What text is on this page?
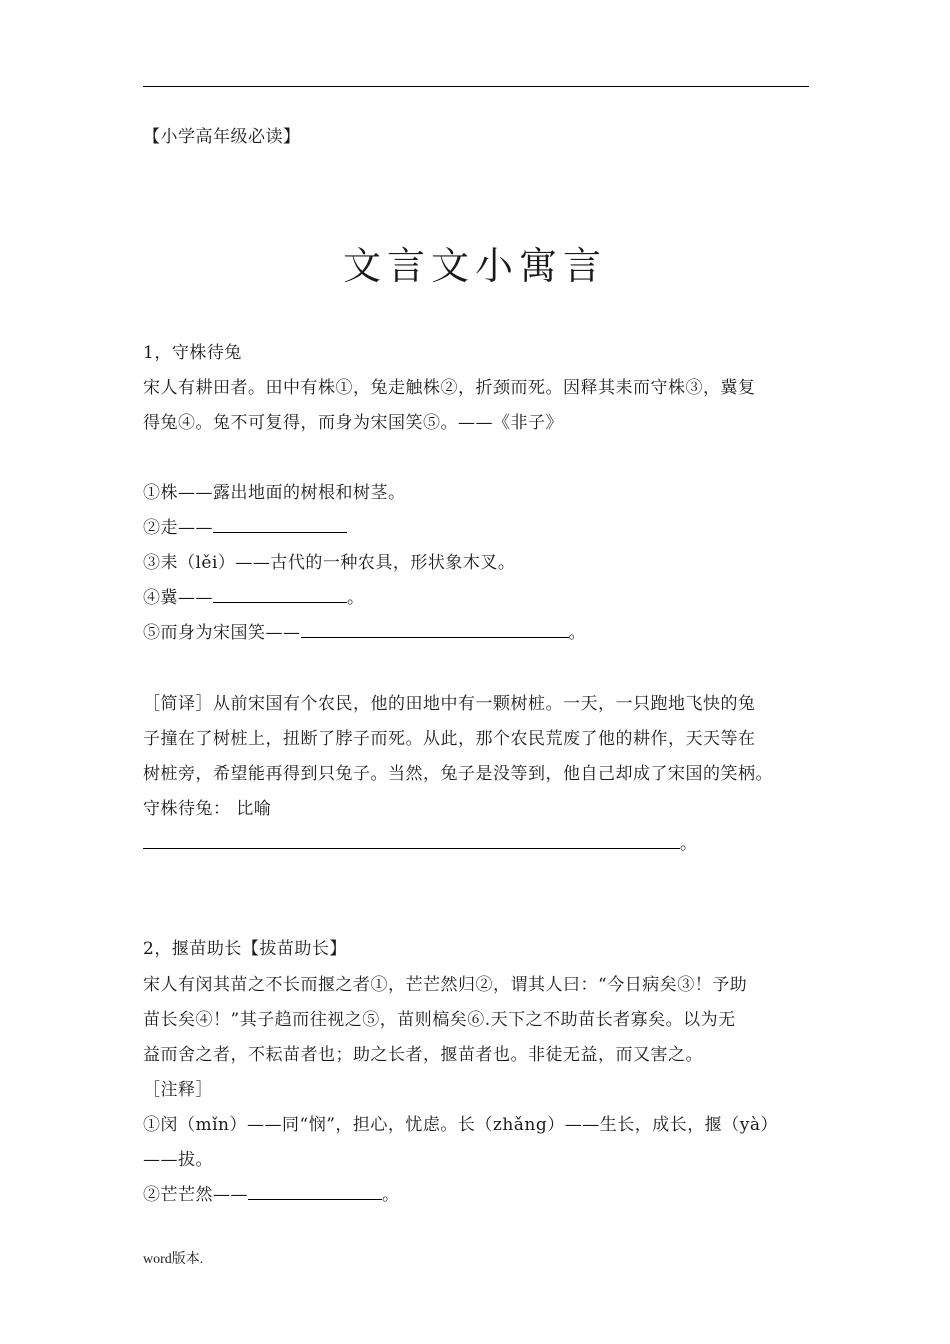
【小学高年级必读】
文言文小寓言
1，守株待兔
宋人有耕田者。田中有株①，兔走触株②，折颈而死。因释其耒而守株③，冀复
得兔④。兔不可复得，而身为宋国笑⑤。——《非子》
①株——露出地面的树根和树茎。
②走——
③耒（lěi）——古代的一种农具，形状象木叉。
④冀——	。
⑤而身为宋国笑——	。
［简译］从前宋国有个农民，他的田地中有一颗树桩。一天，一只跑地飞快的兔
子撞在了树桩上，扭断了脖子而死。从此，那个农民荒废了他的耕作，天天等在
树桩旁，希望能再得到只兔子。当然，兔子是没等到，他自己却成了宋国的笑柄。
守株待兔： 比喻
。
2，揠苗助长【拔苗助长】
宋人有闵其苗之不长而揠之者①，芒芒然归②，谓其人曰：“今日病矣③！予助
苗长矣④！”其子趋而往视之⑤，苗则槁矣⑥.天下之不助苗长者寡矣。以为无
益而舍之者，不耘苗者也；助之长者，揠苗者也。非徒无益，而又害之。
［注释］
①闵（mǐn）——同“悯”，担心，忧虑。长（zhǎng）——生长，成长，揠（yà）
——拔。
②芒芒然——	。
word版本.
